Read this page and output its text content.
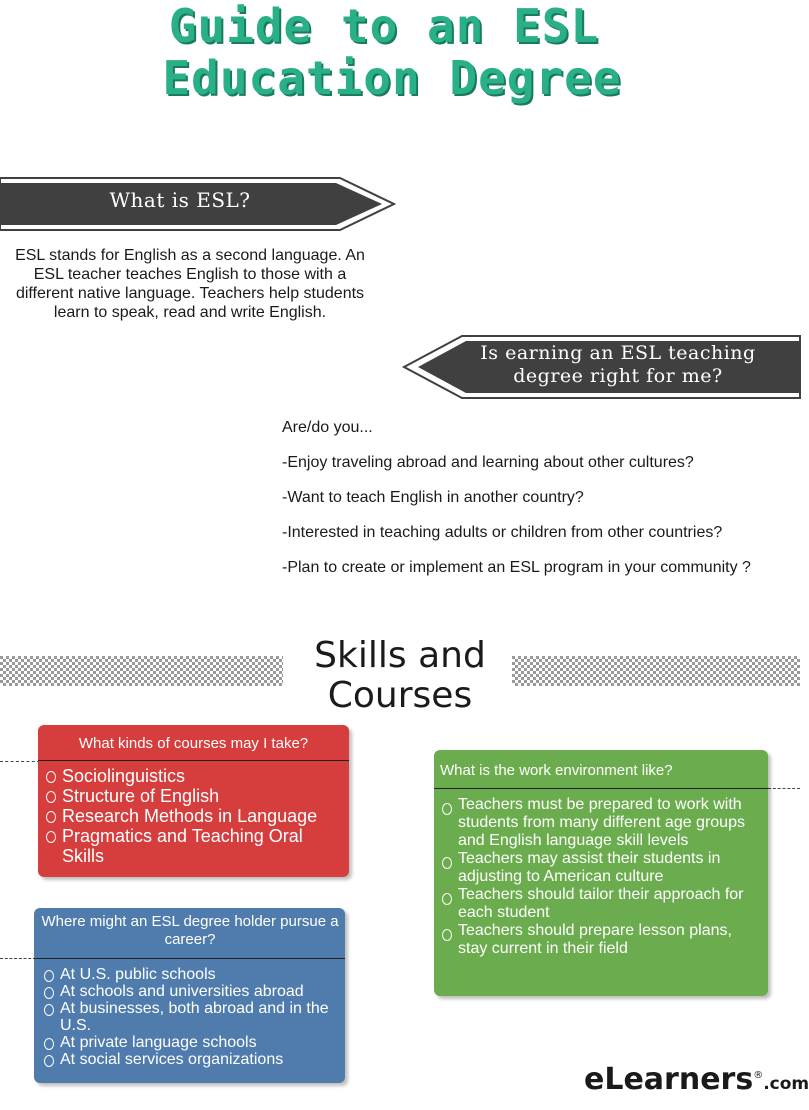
Guide to an ESL
Education Degree
What is ESL?
ESL stands for English as a second language. An ESL teacher teaches English to those with a different native language. Teachers help students learn to speak, read and write English.
Is earning an ESL teaching
degree right for me?
Are/do you...
-Enjoy traveling abroad and learning about other cultures?
-Want to teach English in another country?
-Interested in teaching adults or children from other countries?
-Plan to create or implement an ESL program in your community ?
Skills and
Courses
What kinds of courses may I take?
Sociolinguistics
Structure of English
Research Methods in Language
Pragmatics and Teaching Oral Skills
Where might an ESL degree holder pursue a career?
At U.S. public schools
At schools and universities abroad
At businesses, both abroad and in the U.S.
At private language schools
At social services organizations
What is the work environment like?
Teachers must be prepared to work with students from many different age groups and English language skill levels
Teachers may assist their students in adjusting to American culture
Teachers should tailor their approach for each student
Teachers should prepare lesson plans, stay current in their field
eLearners®.com
